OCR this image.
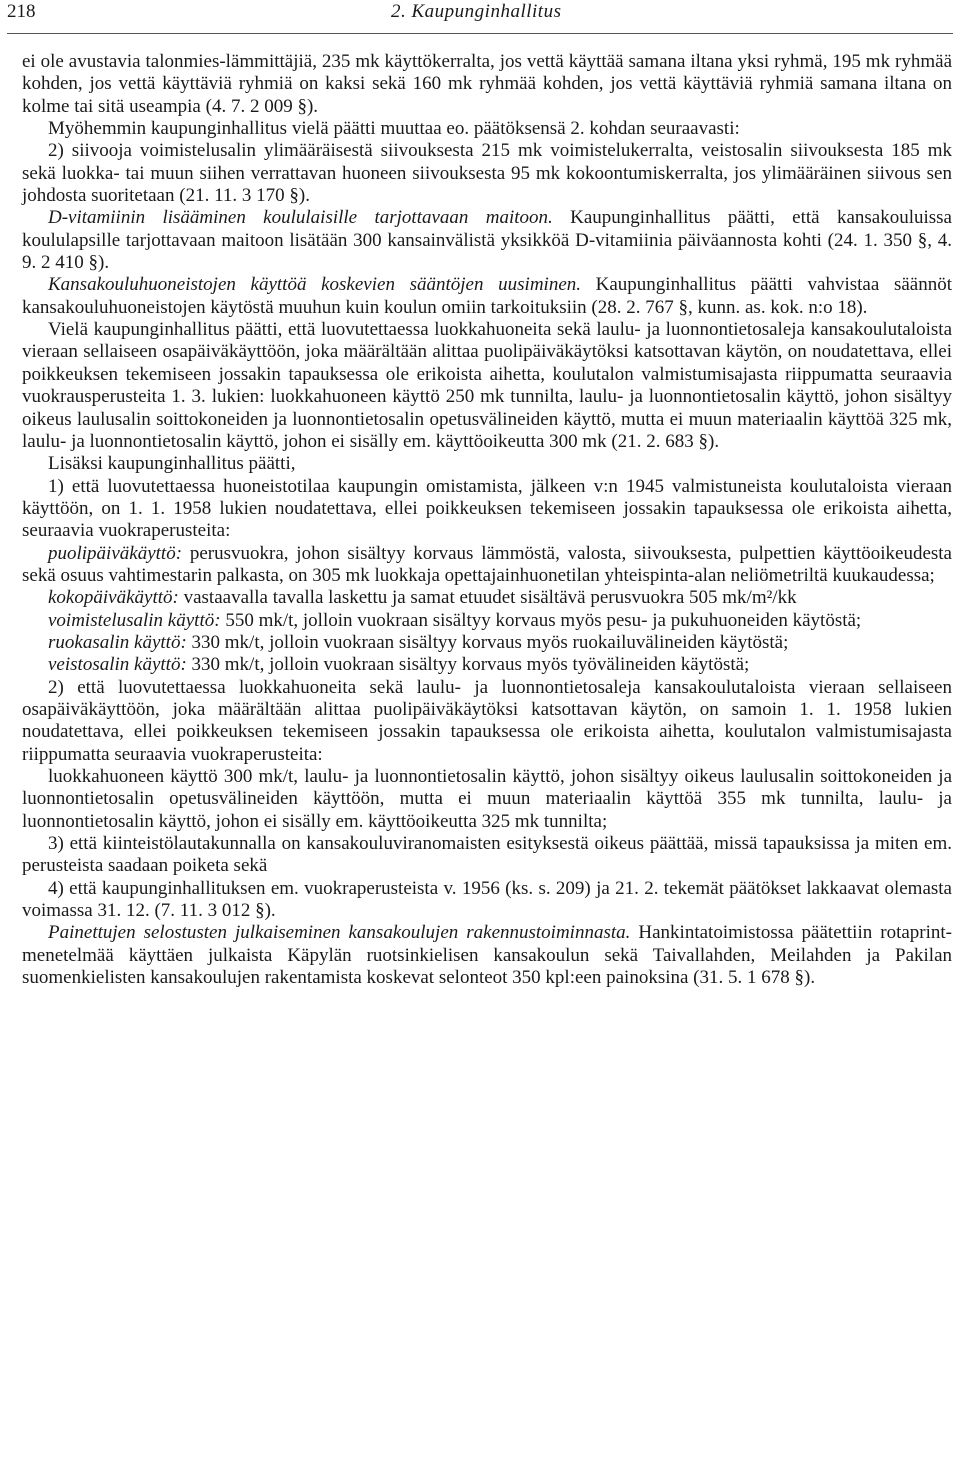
218	2. Kaupunginhallitus

ei ole avustavia talonmies-lämmittäjiä, 235 mk käyttökerralta, jos vettä käyttää samana iltana yksi ryhmä, 195 mk ryhmää kohden, jos vettä käyttäviä ryhmiä on kaksi sekä 160 mk ryhmää kohden, jos vettä käyttäviä ryhmiä samana iltana on kolme tai sitä useampia (4. 7. 2 009 §).

Myöhemmin kaupunginhallitus vielä päätti muuttaa eo. päätöksensä 2. kohdan seuraavasti:

2) siivooja voimistelusalin ylimääräisestä siivouksesta 215 mk voimistelukerralta, veistosalin siivouksesta 185 mk sekä luokka- tai muun siihen verrattavan huoneen siivouksesta 95 mk kokoontumiskerralta, jos ylimääräinen siivous sen johdosta suoritetaan (21. 11. 3 170 §).

D-vitamiinin lisääminen koululaisille tarjottavaan maitoon. Kaupunginhallitus päätti, että kansakouluissa koululapsille tarjottavaan maitoon lisätään 300 kansainvälistä yksikköä D-vitamiinia päiväannosta kohti (24. 1. 350 §, 4. 9. 2 410 §).

Kansakouluhuoneistojen käyttöä koskevien sääntöjen uusiminen. Kaupunginhallitus päätti vahvistaa säännöt kansakouluhuoneistojen käytöstä muuhun kuin koulun omiin tarkoituksiin (28. 2. 767 §, kunn. as. kok. n:o 18).

Vielä kaupunginhallitus päätti, että luovutettaessa luokkahuoneita sekä laulu- ja luonnontietosaleja kansakoulutaloista vieraan sellaiseen osapäiväkäyttöön, joka määrältään alittaa puolipäiväkäytöksi katsottavan käytön, on noudatettava, ellei poikkeuksen tekemiseen jossakin tapauksessa ole erikoista aihetta, koulutalon valmistumisajasta riippumatta seuraavia vuokrausperusteita 1. 3. lukien: luokkahuoneen käyttö 250 mk tunnilta, laulu- ja luonnontietosalin käyttö, johon sisältyy oikeus laulusalin soittokoneiden ja luonnontietosalin opetusvälineiden käyttö, mutta ei muun materiaalin käyttöä 325 mk, laulu- ja luonnontietosalin käyttö, johon ei sisälly em. käyttöoikeutta 300 mk (21. 2. 683 §).

Lisäksi kaupunginhallitus päätti,

1) että luovutettaessa huoneistotilaa kaupungin omistamista, jälkeen v:n 1945 valmistuneista koulutaloista vieraan käyttöön, on 1. 1. 1958 lukien noudatettava, ellei poikkeuksen tekemiseen jossakin tapauksessa ole erikoista aihetta, seuraavia vuokraperusteita:

puolipäiväkäyttö: perusvuokra, johon sisältyy korvaus lämmöstä, valosta, siivouksesta, pulpettien käyttöoikeudesta sekä osuus vahtimestarin palkasta, on 305 mk luokkaja opettajainhuonetilan yhteispinta-alan neliömetriltä kuukaudessa;

kokopäiväkäyttö: vastaavalla tavalla laskettu ja samat etuudet sisältävä perusvuokra 505 mk/m²/kk

voimistelusalin käyttö: 550 mk/t, jolloin vuokraan sisältyy korvaus myös pesu- ja pukuhuoneiden käytöstä;

ruokasalin käyttö: 330 mk/t, jolloin vuokraan sisältyy korvaus myös ruokailuvälineiden käytöstä;

veistosalin käyttö: 330 mk/t, jolloin vuokraan sisältyy korvaus myös työvälineiden käytöstä;

2) että luovutettaessa luokkahuoneita sekä laulu- ja luonnontietosaleja kansakoulutaloista vieraan sellaiseen osapäiväkäyttöön, joka määrältään alittaa puolipäiväkäytöksi katsottavan käytön, on samoin 1. 1. 1958 lukien noudatettava, ellei poikkeuksen tekemiseen jossakin tapauksessa ole erikoista aihetta, koulutalon valmistumisajasta riippumatta seuraavia vuokraperusteita:

luokkahuoneen käyttö 300 mk/t, laulu- ja luonnontietosalin käyttö, johon sisältyy oikeus laulusalin soittokoneiden ja luonnontietosalin opetusvälineiden käyttöön, mutta ei muun materiaalin käyttöä 355 mk tunnilta, laulu- ja luonnontietosalin käyttö, johon ei sisälly em. käyttöoikeutta 325 mk tunnilta;

3) että kiinteistölautakunnalla on kansakouluviranomaisten esityksestä oikeus päättää, missä tapauksissa ja miten em. perusteista saadaan poiketa sekä

4) että kaupunginhallituksen em. vuokraperusteista v. 1956 (ks. s. 209) ja 21. 2. tekemät päätökset lakkaavat olemasta voimassa 31. 12. (7. 11. 3 012 §).

Painettujen selostusten julkaiseminen kansakoulujen rakennustoiminnasta. Hankintatoimistossa päätettiin rotaprint-menetelmää käyttäen julkaista Käpylän ruotsinkielisen kansakoulun sekä Taivallahden, Meilahden ja Pakilan suomenkielisten kansakoulujen rakentamista koskevat selonteot 350 kpl:een painoksina (31. 5. 1 678 §).
